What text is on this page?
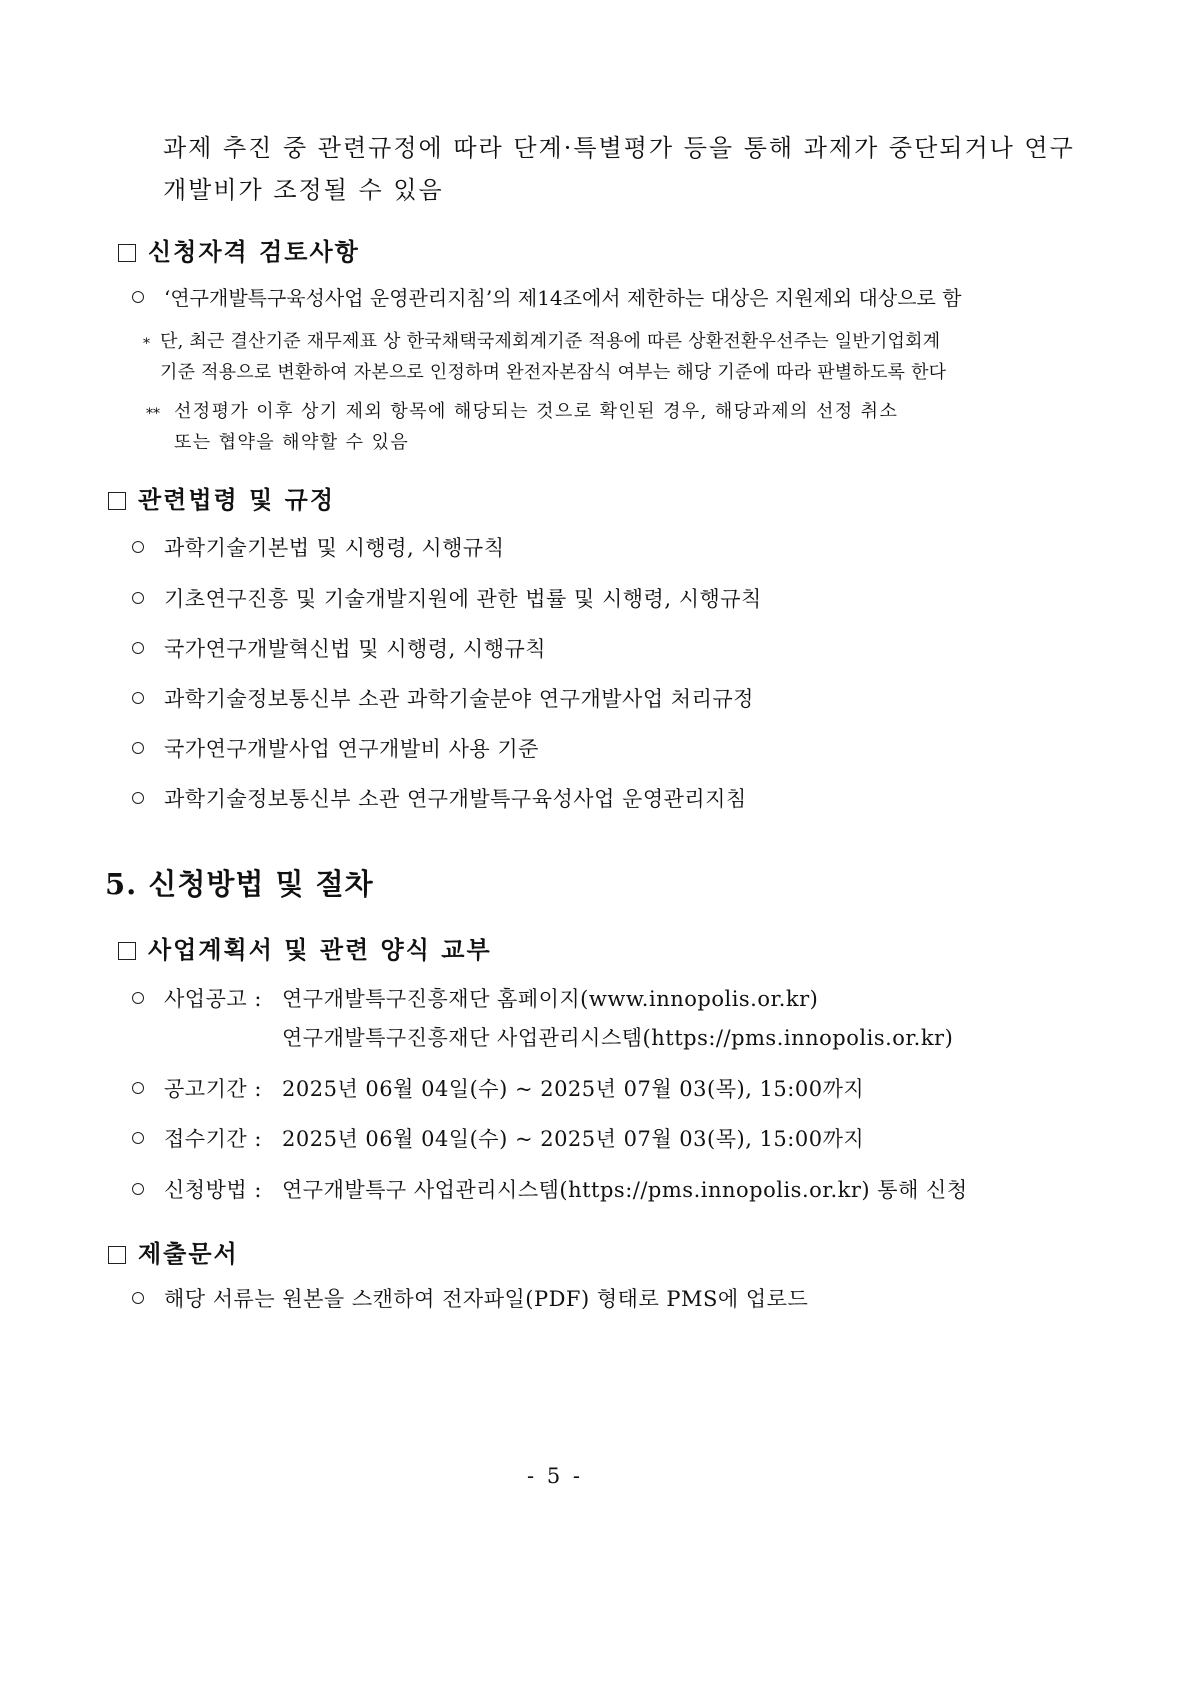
과제 추진 중 관련규정에 따라 단계·특별평가 등을 통해 과제가 중단되거나 연구
개발비가 조정될 수 있음
신청자격 검토사항
‘연구개발특구육성사업 운영관리지침’의 제14조에서 제한하는 대상은 지원제외 대상으로 함
* 단, 최근 결산기준 재무제표 상 한국채택국제회계기준 적용에 따른 상환전환우선주는 일반기업회계
기준 적용으로 변환하여 자본으로 인정하며 완전자본잠식 여부는 해당 기준에 따라 판별하도록 한다
** 선정평가 이후 상기 제외 항목에 해당되는 것으로 확인된 경우, 해당과제의 선정 취소
또는 협약을 해약할 수 있음
관련법령 및 규정
과학기술기본법 및 시행령, 시행규칙
기초연구진흥 및 기술개발지원에 관한 법률 및 시행령, 시행규칙
국가연구개발혁신법 및 시행령, 시행규칙
과학기술정보통신부 소관 과학기술분야 연구개발사업 처리규정
국가연구개발사업 연구개발비 사용 기준
과학기술정보통신부 소관 연구개발특구육성사업 운영관리지침
5. 신청방법 및 절차
사업계획서 및 관련 양식 교부
사업공고 : 연구개발특구진흥재단 홈페이지(www.innopolis.or.kr)
연구개발특구진흥재단 사업관리시스템(https://pms.innopolis.or.kr)
공고기간 : 2025년 06월 04일(수) ~ 2025년 07월 03(목), 15:00까지
접수기간 : 2025년 06월 04일(수) ~ 2025년 07월 03(목), 15:00까지
신청방법 : 연구개발특구 사업관리시스템(https://pms.innopolis.or.kr) 통해 신청
제출문서
해당 서류는 원본을 스캔하여 전자파일(PDF) 형태로 PMS에 업로드
- 5 -
